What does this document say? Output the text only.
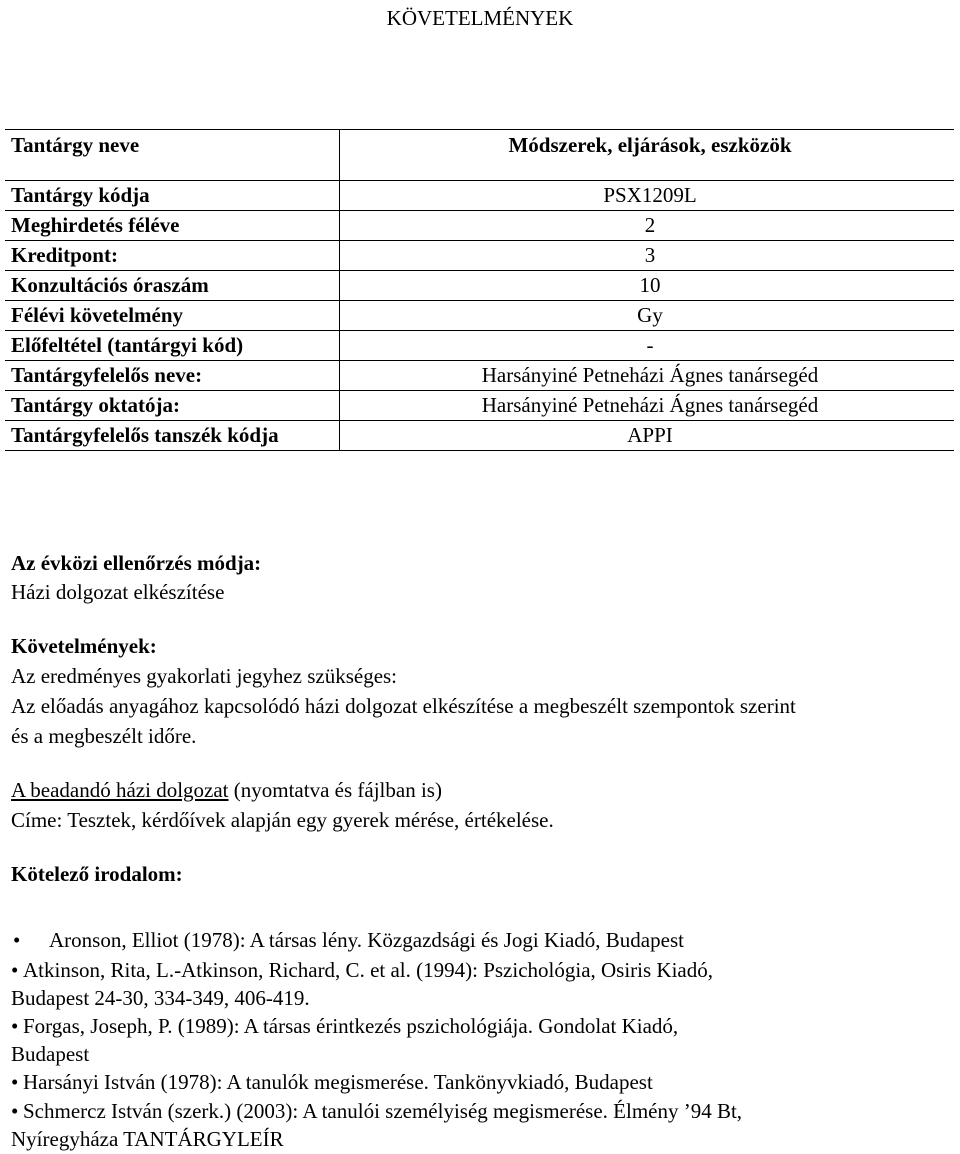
KÖVETELMÉNYEK
Tantárgy neve	Módszerek, eljárások, eszközök
Tantárgy kódja	PSX1209L
Meghirdetés féléve	2
Kreditpont:	3
Konzultációs óraszám	10
Félévi követelmény	Gy
Előfeltétel (tantárgyi kód)	-
Tantárgyfelelős neve:	Harsányiné Petneházi Ágnes tanársegéd
Tantárgy oktatója:	Harsányiné Petneházi Ágnes tanársegéd
Tantárgyfelelős tanszék kódja	APPI
Az évközi ellenőrzés módja:
Házi dolgozat elkészítése
Követelmények:
Az eredményes gyakorlati jegyhez szükséges:
Az előadás anyagához kapcsolódó házi dolgozat elkészítése a megbeszélt szempontok szerint
és a megbeszélt időre.
A beadandó házi dolgozat (nyomtatva és fájlban is)
Címe: Tesztek, kérdőívek alapján egy gyerek mérése, értékelése.
Kötelező irodalom:
• Aronson, Elliot (1978): A társas lény. Közgazdsági és Jogi Kiadó, Budapest
• Atkinson, Rita, L.-Atkinson, Richard, C. et al. (1994): Pszichológia, Osiris Kiadó,
Budapest 24-30, 334-349, 406-419.
• Forgas, Joseph, P. (1989): A társas érintkezés pszichológiája. Gondolat Kiadó,
Budapest
• Harsányi István (1978): A tanulók megismerése. Tankönyvkiadó, Budapest
• Schmercz István (szerk.) (2003): A tanulói személyiség megismerése. Élmény ’94 Bt,
Nyíregyháza TANTÁRGYLEÍR
